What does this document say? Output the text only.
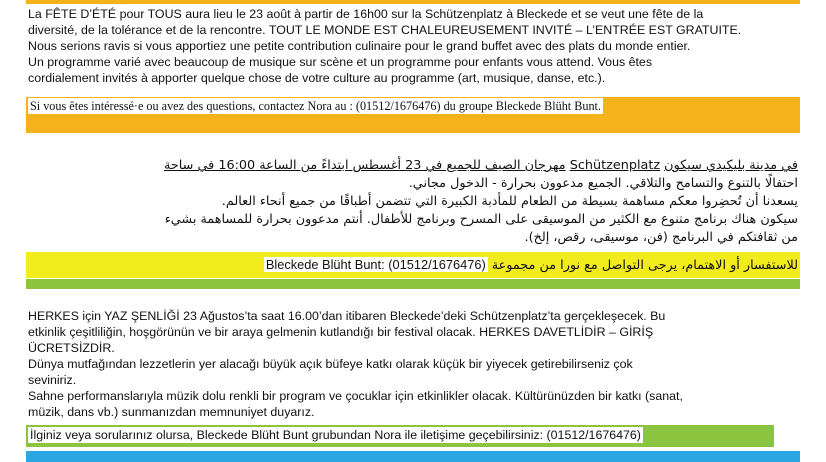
La FÊTE D’ÉTÉ pour TOUS aura lieu le 23 août à partir de 16h00 sur la Schützenplatz à Bleckede et se veut une fête de la
diversité, de la tolérance et de la rencontre. TOUT LE MONDE EST CHALEUREUSEMENT INVITÉ – L’ENTRÉE EST GRATUITE.
Nous serions ravis si vous apportiez une petite contribution culinaire pour le grand buffet avec des plats du monde entier.
Un programme varié avec beaucoup de musique sur scène et un programme pour enfants vous attend. Vous êtes
cordialement invités à apporter quelque chose de votre culture au programme (art, musique, danse, etc.).
Si vous êtes intéressé·e ou avez des questions, contactez Nora au : (01512/1676476) du groupe Bleckede Blüht Bunt.
في مدينة بليكيدي سيكون Schützenplatz مهرجان الصيف للجميع في 23 أغسطس ابتداءً من الساعة 16:00 في ساحة
احتفالًا بالتنوع والتسامح والتلاقي. الجميع مدعوون بحرارة - الدخول مجاني.
يسعدنا أن تُحضِروا معكم مساهمة بسيطة من الطعام للمأدبة الكبيرة التي تتضمن أطباقًا من جميع أنحاء العالم.
سيكون هناك برنامج متنوع مع الكثير من الموسيقى على المسرح وبرنامج للأطفال. أنتم مدعوون بحرارة للمساهمة بشيء
من ثقافتكم في البرنامج (فن، موسيقى، رقص، إلخ).
للاستفسار أو الاهتمام، يرجى التواصل مع نورا من مجموعة Bleckede Blüht Bunt: (01512/1676476)
HERKES için YAZ ŞENLİĞİ 23 Ağustos’ta saat 16.00’dan itibaren Bleckede’deki Schützenplatz’ta gerçekleşecek. Bu
etkinlik çeşitliliğin, hoşgörünün ve bir araya gelmenin kutlandığı bir festival olacak. HERKES DAVETLİDİR – GİRİŞ
ÜCRETSİZDİR.
Dünya mutfağından lezzetlerin yer alacağı büyük açık büfeye katkı olarak küçük bir yiyecek getirebilirseniz çok
seviniriz.
Sahne performanslarıyla müzik dolu renkli bir program ve çocuklar için etkinlikler olacak. Kültürünüzden bir katkı (sanat,
müzik, dans vb.) sunmanızdan memnuniyet duyarız.
İlginiz veya sorularınız olursa, Bleckede Blüht Bunt grubundan Nora ile iletişime geçebilirsiniz: (01512/1676476)
